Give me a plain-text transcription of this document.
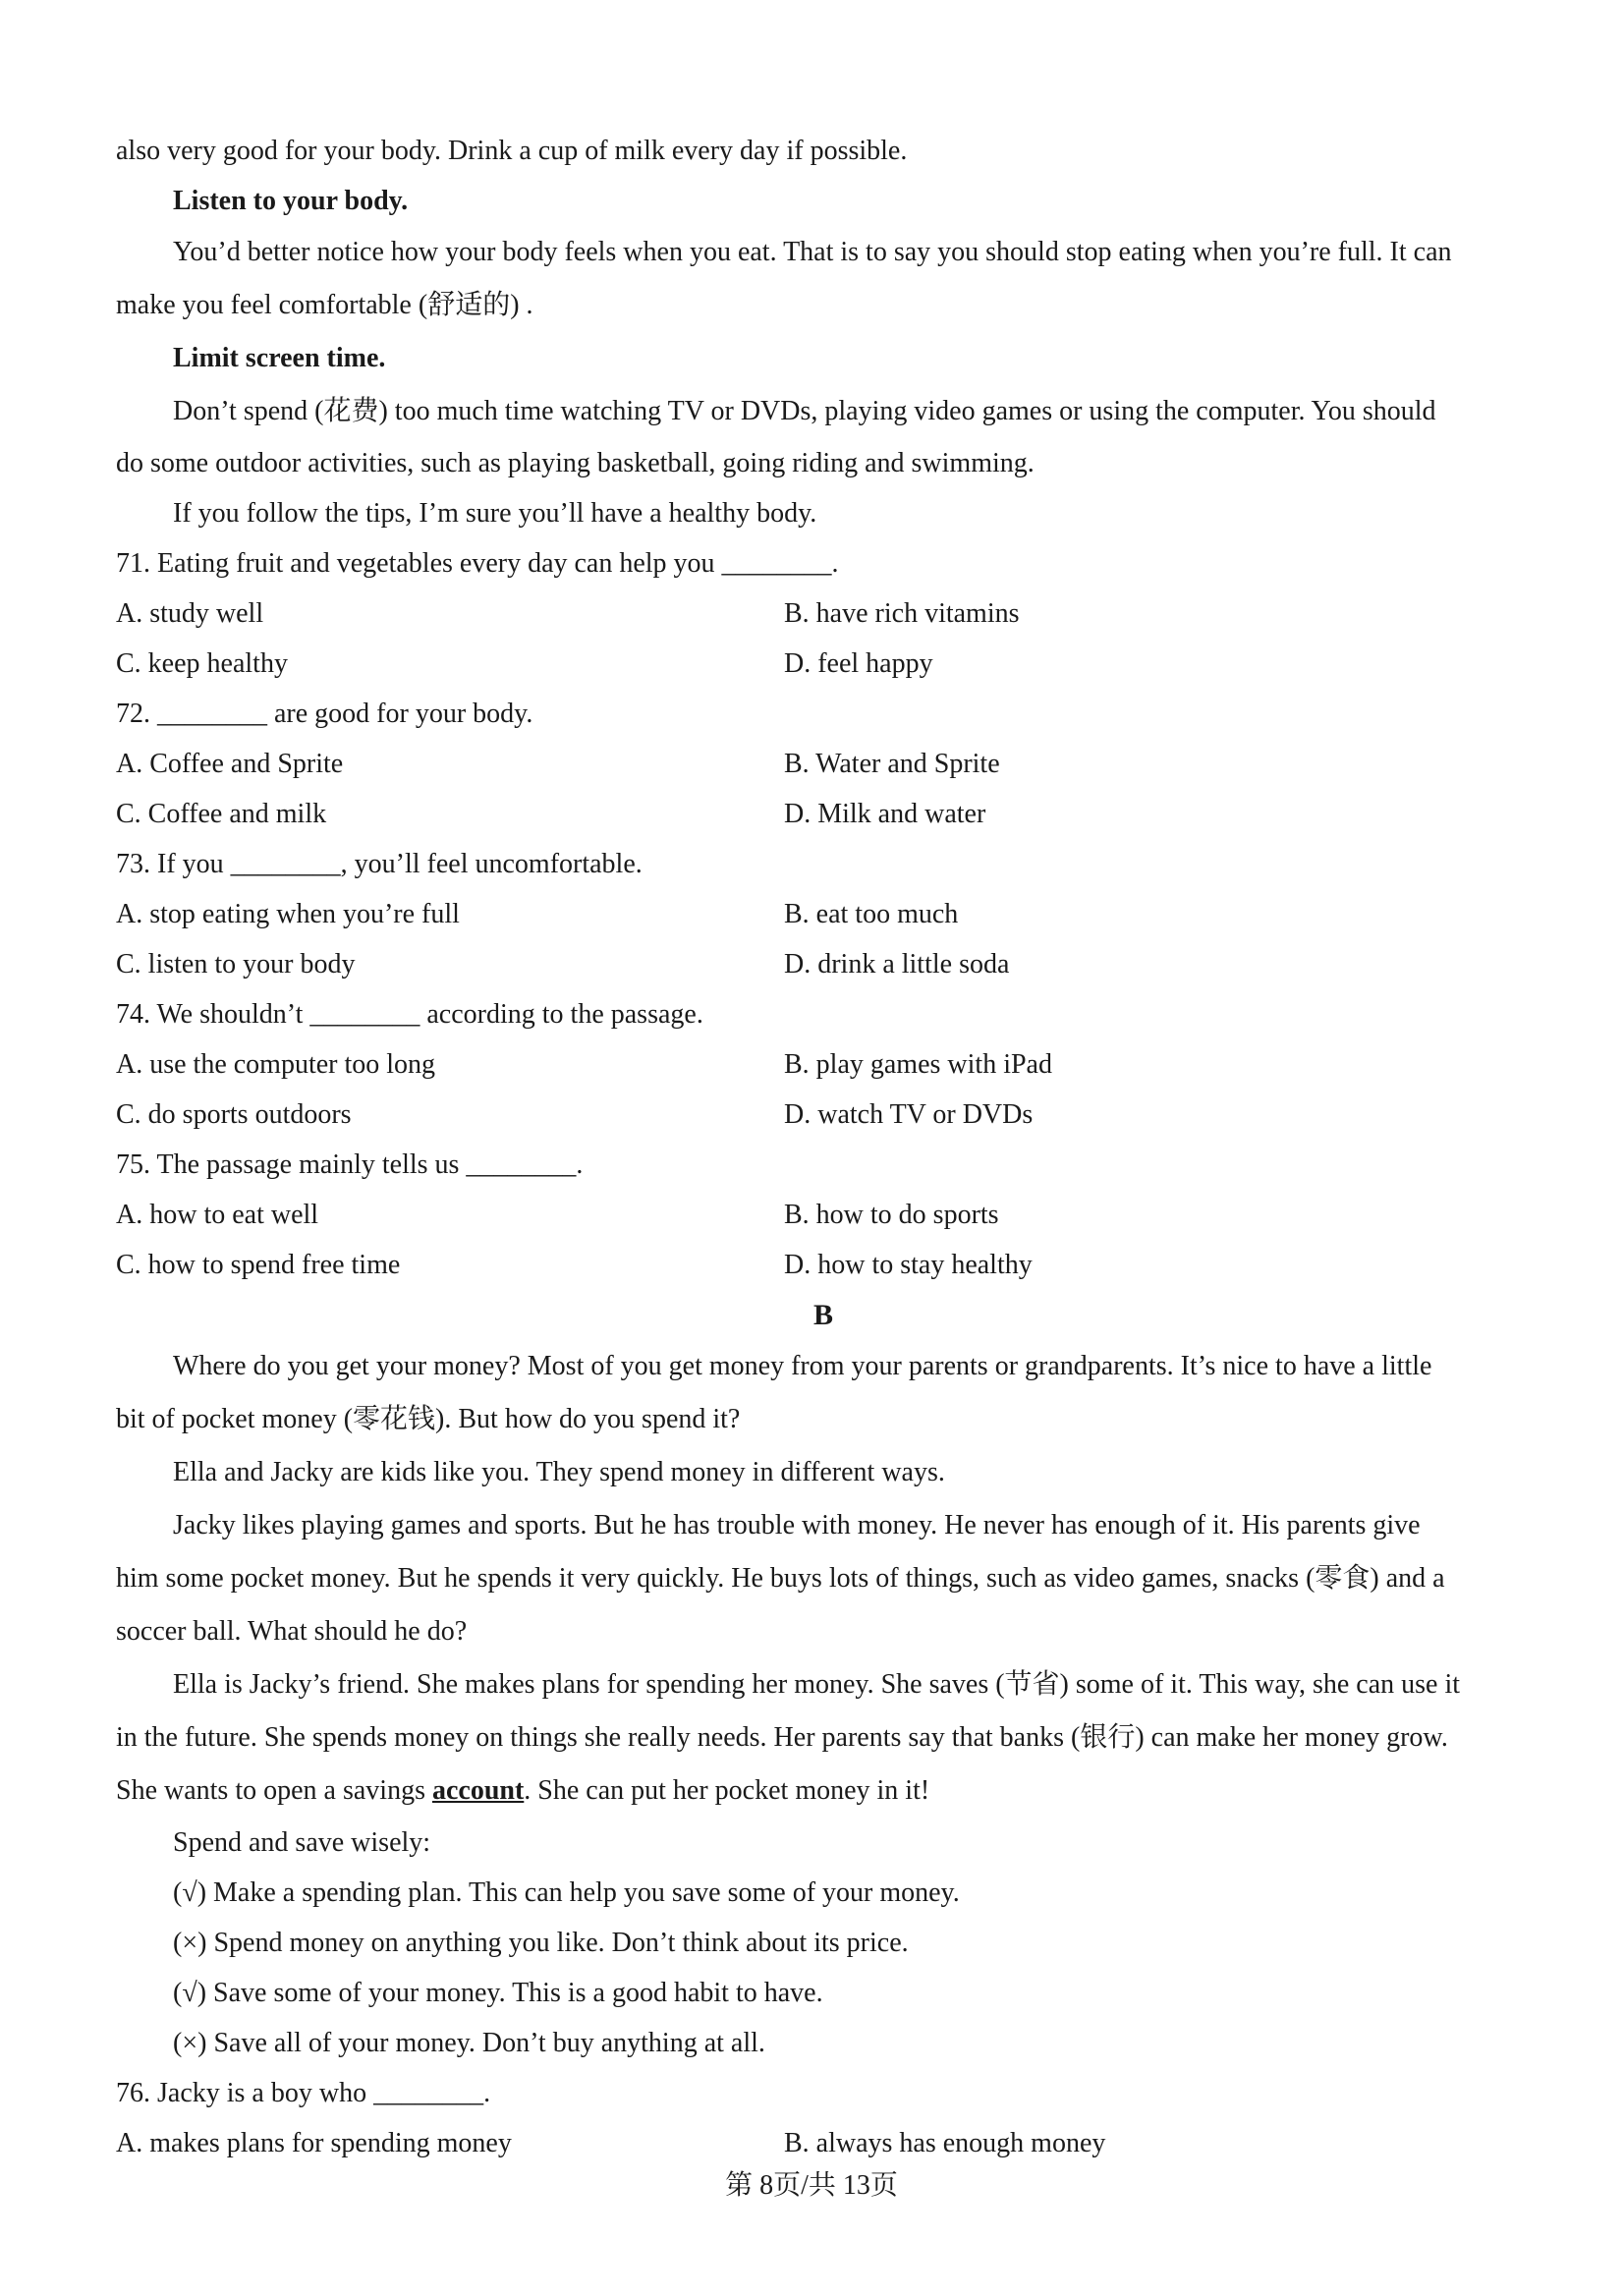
also very good for your body. Drink a cup of milk every day if possible.
Listen to your body.
You’d better notice how your body feels when you eat. That is to say you should stop eating when you’re full. It can
make you feel comfortable (舒适的) .
Limit screen time.
Don’t spend (花费) too much time watching TV or DVDs, playing video games or using the computer. You should
do some outdoor activities, such as playing basketball, going riding and swimming.
If you follow the tips, I’m sure you’ll have a healthy body.
71. Eating fruit and vegetables every day can help you ________.
A. study well	B. have rich vitamins
C. keep healthy	D. feel happy
72. ________ are good for your body.
A. Coffee and Sprite	B. Water and Sprite
C. Coffee and milk	D. Milk and water
73. If you ________, you’ll feel uncomfortable.
A. stop eating when you’re full	B. eat too much
C. listen to your body	D. drink a little soda
74. We shouldn’t ________ according to the passage.
A. use the computer too long	B. play games with iPad
C. do sports outdoors	D. watch TV or DVDs
75. The passage mainly tells us ________.
A. how to eat well	B. how to do sports
C. how to spend free time	D. how to stay healthy
B
Where do you get your money? Most of you get money from your parents or grandparents. It’s nice to have a little
bit of pocket money (零花钱). But how do you spend it?
Ella and Jacky are kids like you. They spend money in different ways.
Jacky likes playing games and sports. But he has trouble with money. He never has enough of it. His parents give
him some pocket money. But he spends it very quickly. He buys lots of things, such as video games, snacks (零食) and a
soccer ball. What should he do?
Ella is Jacky’s friend. She makes plans for spending her money. She saves (节省) some of it. This way, she can use it
in the future. She spends money on things she really needs. Her parents say that banks (银行) can make her money grow.
She wants to open a savings account. She can put her pocket money in it!
Spend and save wisely:
(√) Make a spending plan. This can help you save some of your money.
(×) Spend money on anything you like. Don’t think about its price.
(√) Save some of your money. This is a good habit to have.
(×) Save all of your money. Don’t buy anything at all.
76. Jacky is a boy who ________.
A. makes plans for spending money	B. always has enough money
第 8页/共 13页
